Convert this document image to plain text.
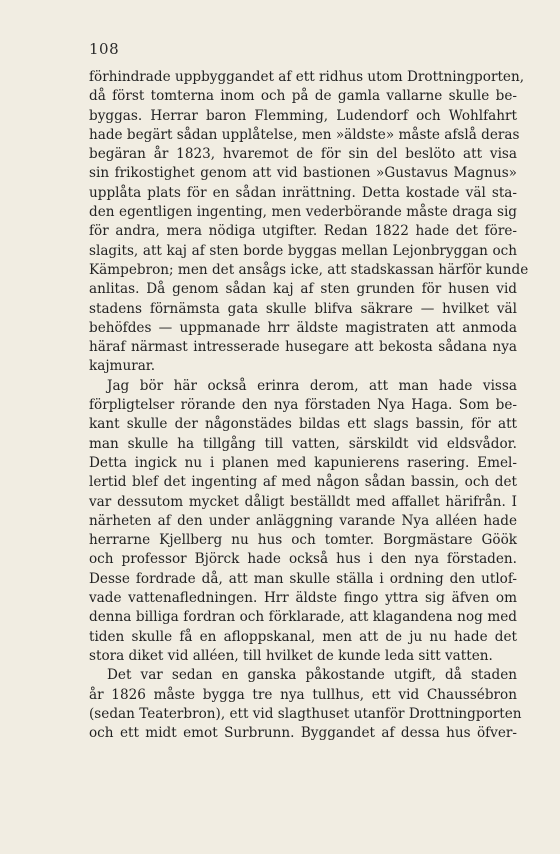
108
förhindrade uppbyggandet af ett ridhus utom Drottningporten,
då först tomterna inom och på de gamla vallarne skulle be-
byggas. Herrar baron Flemming, Ludendorf och Wohlfahrt
hade begärt sådan upplåtelse, men »äldste» måste afslå deras
begäran år 1823, hvaremot de för sin del beslöto att visa
sin frikostighet genom att vid bastionen »Gustavus Magnus»
upplåta plats för en sådan inrättning. Detta kostade väl sta-
den egentligen ingenting, men vederbörande måste draga sig
för andra, mera nödiga utgifter. Redan 1822 hade det före-
slagits, att kaj af sten borde byggas mellan Lejonbryggan och
Kämpebron; men det ansågs icke, att stadskassan härför kunde
anlitas. Då genom sådan kaj af sten grunden för husen vid
stadens förnämsta gata skulle blifva säkrare — hvilket väl
behöfdes — uppmanade hrr äldste magistraten att anmoda
häraf närmast intresserade husegare att bekosta sådana nya
kajmurar.
Jag bör här också erinra derom, att man hade vissa
förpligtelser rörande den nya förstaden Nya Haga. Som be-
kant skulle der någonstädes bildas ett slags bassin, för att
man skulle ha tillgång till vatten, särskildt vid eldsvådor.
Detta ingick nu i planen med kapunierens rasering. Emel-
lertid blef det ingenting af med någon sådan bassin, och det
var dessutom mycket dåligt beställdt med affallet härifrån. I
närheten af den under anläggning varande Nya alléen hade
herrarne Kjellberg nu hus och tomter. Borgmästare Göök
och professor Björck hade också hus i den nya förstaden.
Desse fordrade då, att man skulle ställa i ordning den utlof-
vade vattenafledningen. Hrr äldste fingo yttra sig äfven om
denna billiga fordran och förklarade, att klagandena nog med
tiden skulle få en afloppskanal, men att de ju nu hade det
stora diket vid alléen, till hvilket de kunde leda sitt vatten.
Det var sedan en ganska påkostande utgift, då staden
år 1826 måste bygga tre nya tullhus, ett vid Chaussébron
(sedan Teaterbron), ett vid slagthuset utanför Drottningporten
och ett midt emot Surbrunn. Byggandet af dessa hus öfver-
